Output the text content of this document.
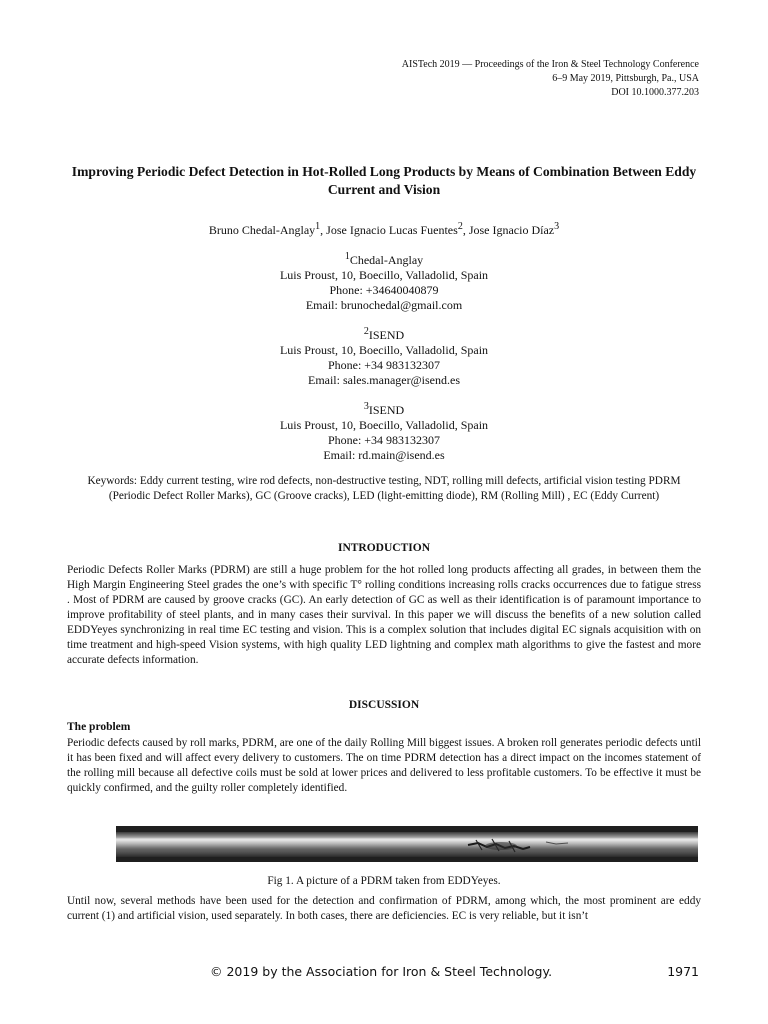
AISTech 2019 — Proceedings of the Iron & Steel Technology Conference
6–9 May 2019, Pittsburgh, Pa., USA
DOI 10.1000.377.203
Improving Periodic Defect Detection in Hot-Rolled Long Products by Means of Combination Between Eddy Current and Vision
Bruno Chedal-Anglay$^1$, Jose Ignacio Lucas Fuentes$^2$, Jose Ignacio Díaz$^3$
$^1$Chedal-Anglay
Luis Proust, 10, Boecillo, Valladolid, Spain
Phone: +34640040879
Email: brunochedal@gmail.com
$^2$ISEND
Luis Proust, 10, Boecillo, Valladolid, Spain
Phone: +34 983132307
Email: sales.manager@isend.es
$^3$ISEND
Luis Proust, 10, Boecillo, Valladolid, Spain
Phone: +34 983132307
Email: rd.main@isend.es
Keywords: Eddy current testing, wire rod defects, non-destructive testing, NDT, rolling mill defects, artificial vision testing PDRM (Periodic Defect Roller Marks), GC (Groove cracks), LED (light-emitting diode), RM (Rolling Mill) , EC (Eddy Current)
INTRODUCTION
Periodic Defects Roller Marks (PDRM) are still a huge problem for the hot rolled long products affecting all grades, in between them the High Margin Engineering Steel grades the one’s with specific T° rolling conditions increasing rolls cracks occurrences due to fatigue stress . Most of PDRM are caused by groove cracks (GC). An early detection of GC as well as their identification is of paramount importance to improve profitability of steel plants, and in many cases their survival. In this paper we will discuss the benefits of a new solution called EDDYeyes synchronizing in real time EC testing and vision. This is a complex solution that includes digital EC signals acquisition with on time treatment and high-speed Vision systems, with high quality LED lightning and complex math algorithms to give the fastest and more accurate defects information.
DISCUSSION
The problem
Periodic defects caused by roll marks, PDRM, are one of the daily Rolling Mill biggest issues. A broken roll generates periodic defects until it has been fixed and will affect every delivery to customers. The on time PDRM detection has a direct impact on the incomes statement of the rolling mill because all defective coils must be sold at lower prices and delivered to less profitable customers. To be effective it must be quickly confirmed, and the guilty roller completely identified.
Fig 1. A picture of a PDRM taken from EDDYeyes.
Until now, several methods have been used for the detection and confirmation of PDRM, among which, the most prominent are eddy current (1) and artificial vision, used separately. In both cases, there are deficiencies. EC is very reliable, but it isn’t
© 2019 by the Association for Iron & Steel Technology.	1971
